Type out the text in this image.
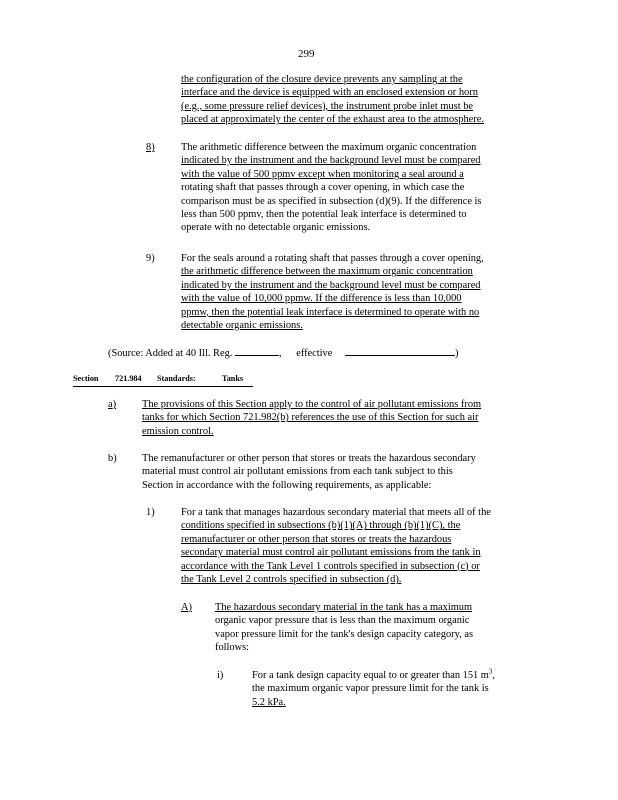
299
the configuration of the closure device prevents any sampling at the
interface and the device is equipped with an enclosed extension or horn
(e.g., some pressure relief devices), the instrument probe inlet must be
placed at approximately the center of the exhaust area to the atmosphere.
8)	The arithmetic difference between the maximum organic concentration
indicated by the instrument and the background level must be compared
with the value of 500 ppmv except when monitoring a seal around a
rotating shaft that passes through a cover opening, in which case the
comparison must be as specified in subsection (d)(9). If the difference is
less than 500 ppmv, then the potential leak interface is determined to
operate with no detectable organic emissions.
9)	For the seals around a rotating shaft that passes through a cover opening,
the arithmetic difference between the maximum organic concentration
indicated by the instrument and the background level must be compared
with the value of 10,000 ppmw. If the difference is less than 10,000
ppmw, then the potential leak interface is determined to operate with no
detectable organic emissions.
(Source: Added at 40 Ill. Reg.	, effective	)
Section 721.984 Standards:	Tanks
a) The provisions of this Section apply to the control of air pollutant emissions from
tanks for which Section 721.982(b) references the use of this Section for such air
emission control.
b) The remanufacturer or other person that stores or treats the hazardous secondary
material must control air pollutant emissions from each tank subject to this
Section in accordance with the following requirements, as applicable:
1)	For a tank that manages hazardous secondary material that meets all of the
conditions specified in subsections (b)(1)(A) through (b)(1)(C), the
remanufacturer or other person that stores or treats the hazardous
secondary material must control air pollutant emissions from the tank in
accordance with the Tank Level 1 controls specified in subsection (c) or
the Tank Level 2 controls specified in subsection (d).
A) The hazardous secondary material in the tank has a maximum
organic vapor pressure that is less than the maximum organic
vapor pressure limit for the tank's design capacity category, as
follows:
i)	For a tank design capacity equal to or greater than 151 $m^3$,
the maximum organic vapor pressure limit for the tank is
5.2 kPa.
